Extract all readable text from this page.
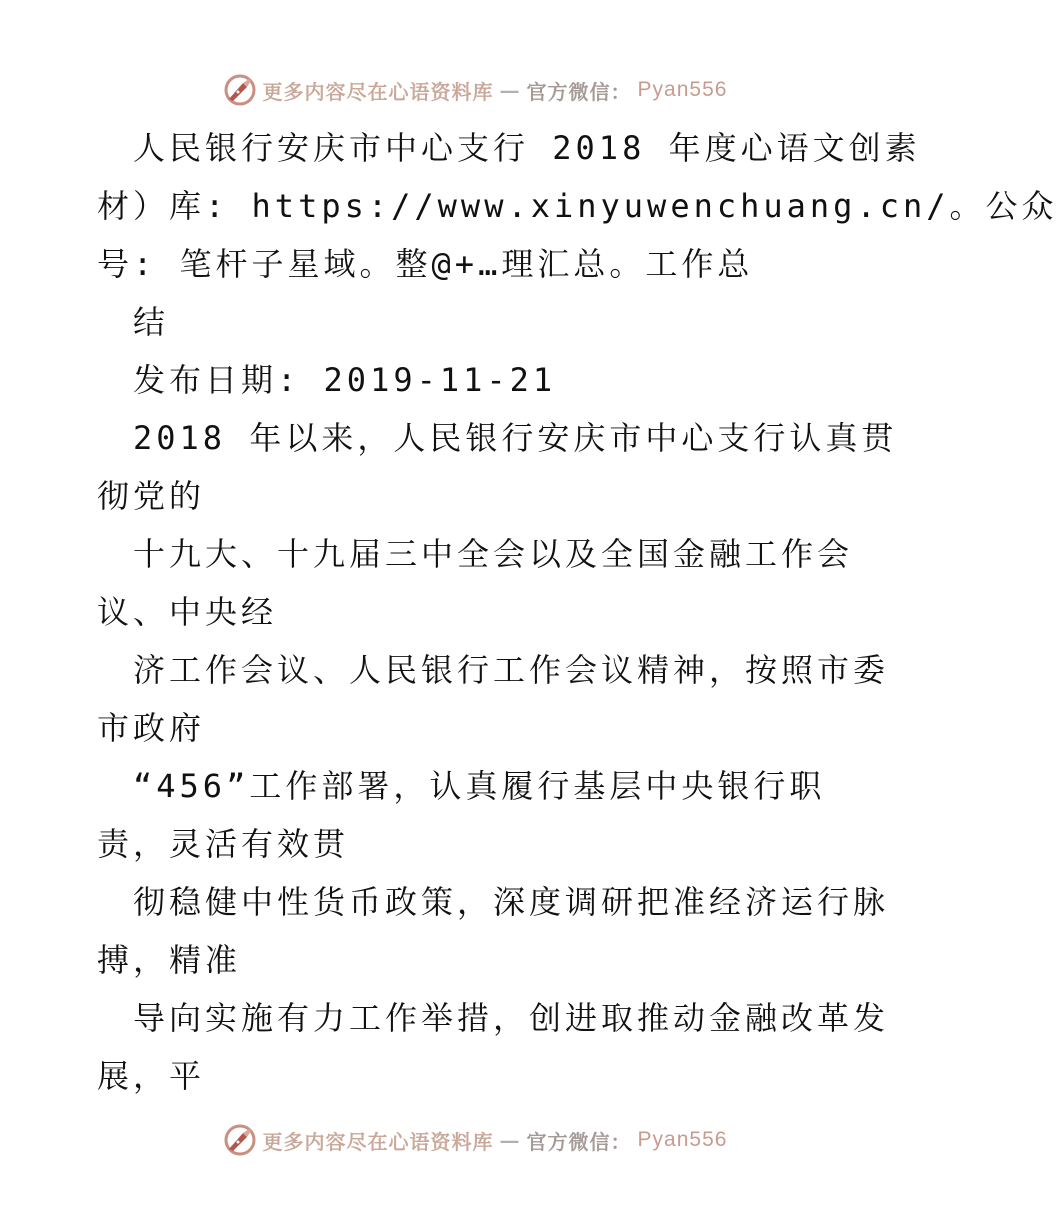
更多内容尽在心语资料库 — 官方微信： Pyan556
人民银行安庆市中心支行 2018 年度心语文创素
材）库: https://www.xinyuwenchuang.cn/。公众
号: 笔杆子星域。整@+…理汇总。工作总
结
发布日期: 2019-11-21
2018 年以来，人民银行安庆市中心支行认真贯
彻党的
十九大、十九届三中全会以及全国金融工作会
议、中央经
济工作会议、人民银行工作会议精神，按照市委
市政府
“456”工作部署，认真履行基层中央银行职
责，灵活有效贯
彻稳健中性货币政策，深度调研把准经济运行脉
搏，精准
导向实施有力工作举措，创进取推动金融改革发
展，平
更多内容尽在心语资料库 — 官方微信： Pyan556
